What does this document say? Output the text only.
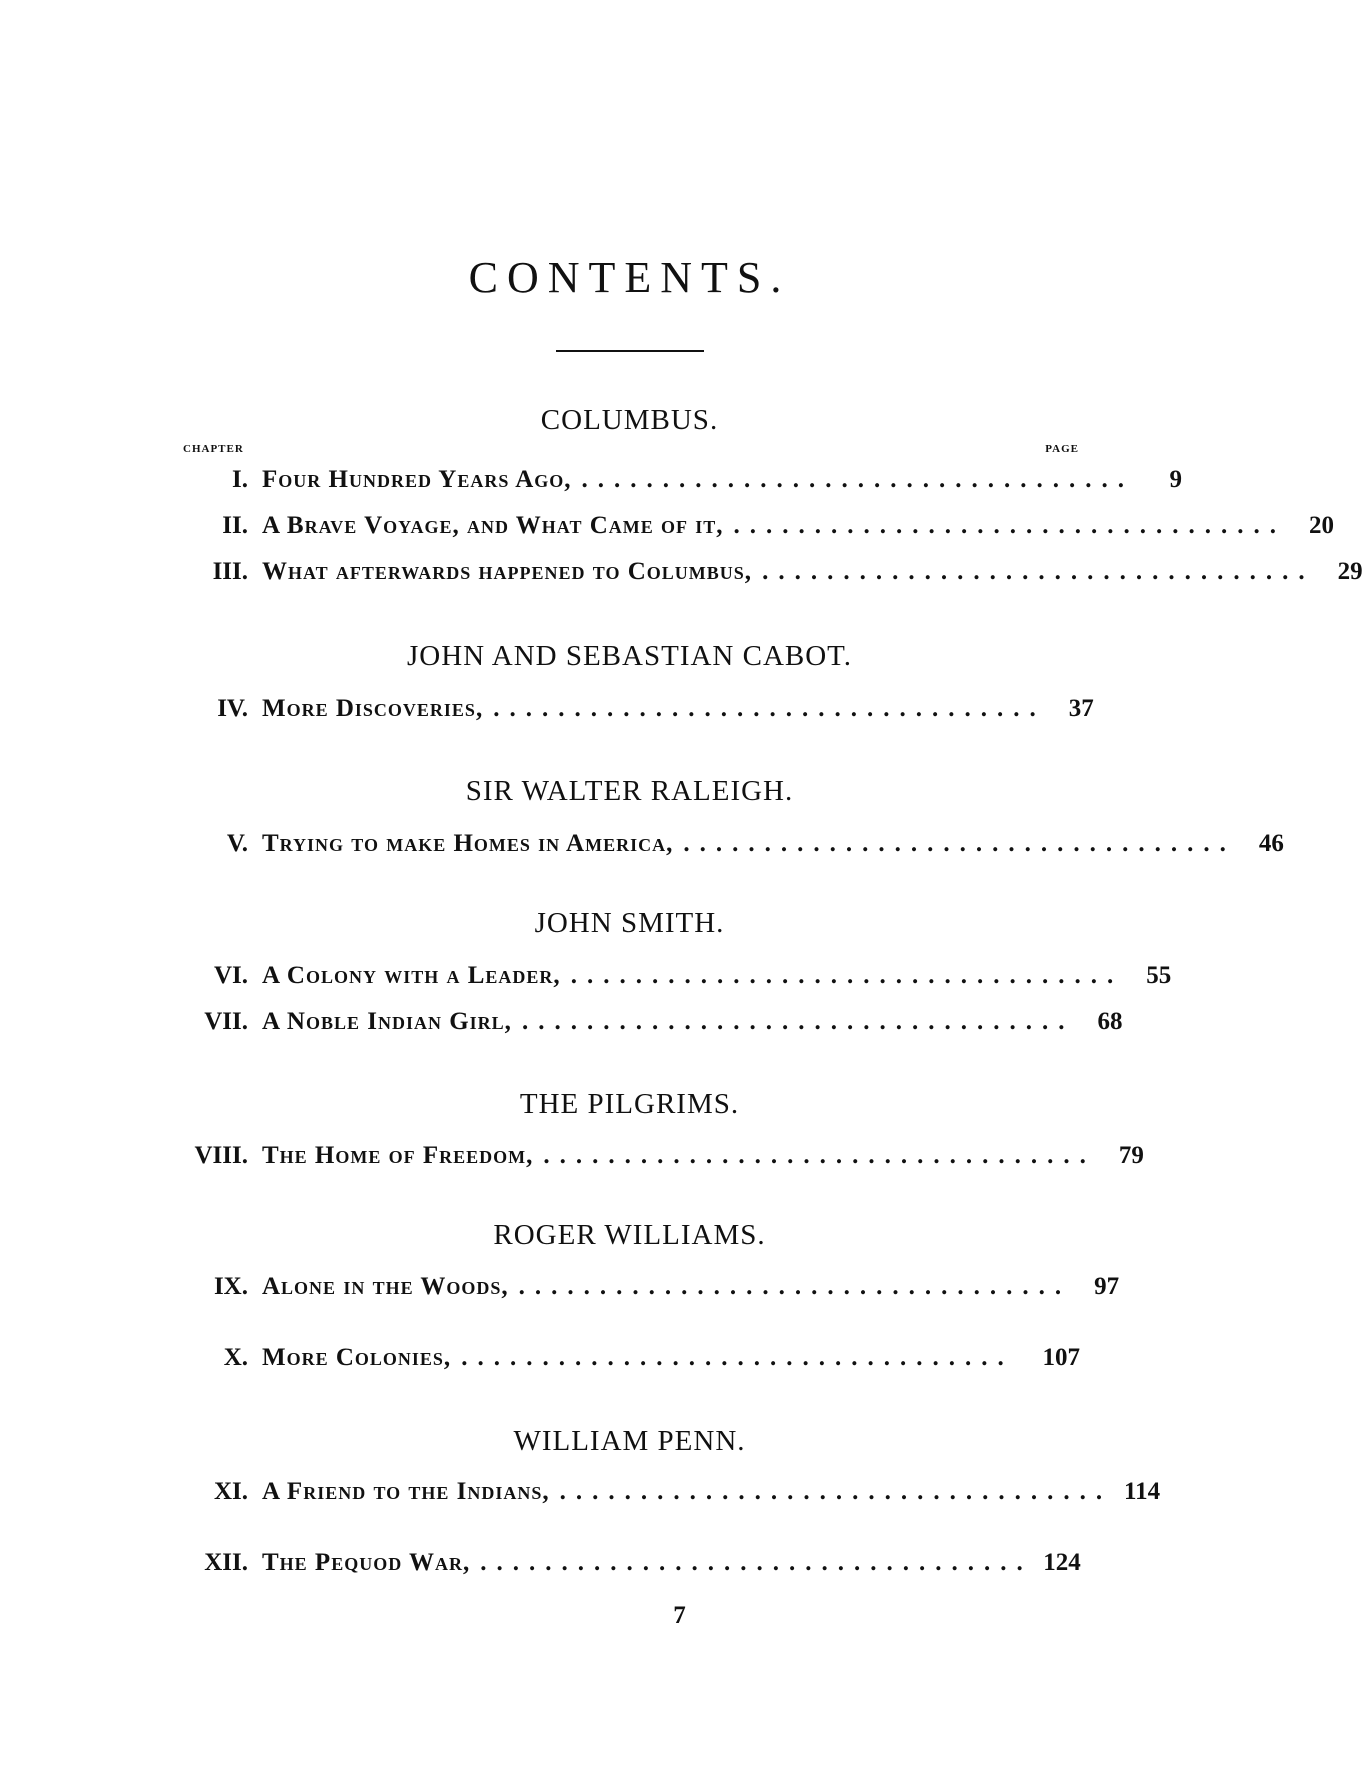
CONTENTS.
CHAPTER	PAGE
COLUMBUS.
I. Four Hundred Years Ago, ..................................	9
II. A Brave Voyage, and What Came of it, .................................. 20
III. What afterwards happened to Columbus, .................................. 29
JOHN AND SEBASTIAN CABOT.
IV. More Discoveries, .................................. 37
SIR WALTER RALEIGH.
V. Trying to make Homes in America, .................................. 46
JOHN SMITH.
VI. A Colony with a Leader, .................................. 55
VII. A Noble Indian Girl, .................................. 68
THE PILGRIMS.
VIII. The Home of Freedom, .................................. 79
ROGER WILLIAMS.
IX. Alone in the Woods, .................................. 97
X. More Colonies, ..................................	107
WILLIAM PENN.
XI. A Friend to the Indians, .................................. 114
XII. The Pequod War, .................................. 124
7
